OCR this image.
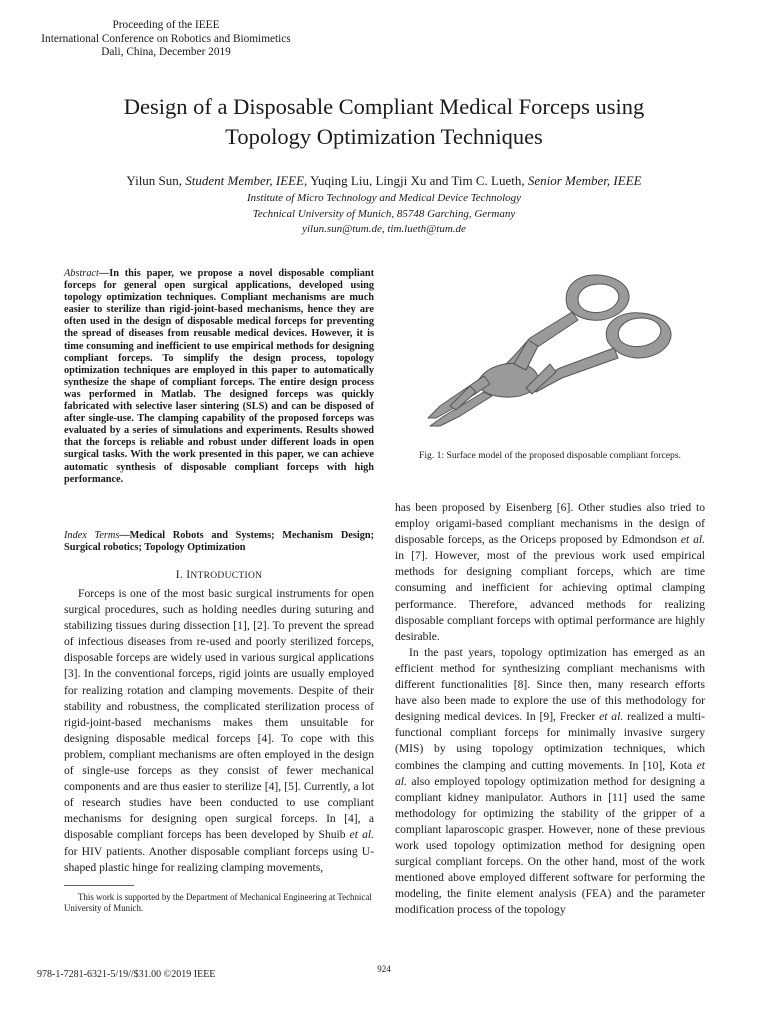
Proceeding of the IEEE
International Conference on Robotics and Biomimetics
Dali, China, December 2019
Design of a Disposable Compliant Medical Forceps using
Topology Optimization Techniques
Yilun Sun, Student Member, IEEE, Yuqing Liu, Lingji Xu and Tim C. Lueth, Senior Member, IEEE
Institute of Micro Technology and Medical Device Technology
Technical University of Munich, 85748 Garching, Germany
yilun.sun@tum.de, tim.lueth@tum.de
Abstract—In this paper, we propose a novel disposable compliant forceps for general open surgical applications, developed using topology optimization techniques. Compliant mechanisms are much easier to sterilize than rigid-joint-based mechanisms, hence they are often used in the design of disposable medical forceps for preventing the spread of diseases from reusable medical devices. However, it is time consuming and inefficient to use empirical methods for designing compliant forceps. To simplify the design process, topology optimization techniques are employed in this paper to automatically synthesize the shape of compliant forceps. The entire design process was performed in Matlab. The designed forceps was quickly fabricated with selective laser sintering (SLS) and can be disposed of after single-use. The clamping capability of the proposed forceps was evaluated by a series of simulations and experiments. Results showed that the forceps is reliable and robust under different loads in open surgical tasks. With the work presented in this paper, we can achieve automatic synthesis of disposable compliant forceps with high performance.
Index Terms—Medical Robots and Systems; Mechanism Design; Surgical robotics; Topology Optimization
I. INTRODUCTION

Forceps is one of the most basic surgical instruments for open surgical procedures, such as holding needles during suturing and stabilizing tissues during dissection [1], [2]. To prevent the spread of infectious diseases from re-used and poorly sterilized forceps, disposable forceps are widely used in various surgical applications [3]. In the conventional forceps, rigid joints are usually employed for realizing rotation and clamping movements. Despite of their stability and robustness, the complicated sterilization process of rigid-joint-based mechanisms makes them unsuitable for designing disposable medical forceps [4]. To cope with this problem, compliant mechanisms are often employed in the design of single-use forceps as they consist of fewer mechanical components and are thus easier to sterilize [4], [5]. Currently, a lot of research studies have been conducted to use compliant mechanisms for designing open surgical forceps. In [4], a disposable compliant forceps has been developed by Shuib et al. for HIV patients. Another disposable compliant forceps using U-shaped plastic hinge for realizing clamping movements,

This work is supported by the Department of Mechanical Engineering at Technical University of Munich.
Fig. 1: Surface model of the proposed disposable compliant forceps.

has been proposed by Eisenberg [6]. Other studies also tried to employ origami-based compliant mechanisms in the design of disposable forceps, as the Oriceps proposed by Edmondson et al. in [7]. However, most of the previous work used empirical methods for designing compliant forceps, which are time consuming and inefficient for achieving optimal clamping performance. Therefore, advanced methods for realizing disposable compliant forceps with optimal performance are highly desirable.

In the past years, topology optimization has emerged as an efficient method for synthesizing compliant mechanisms with different functionalities [8]. Since then, many research efforts have also been made to explore the use of this methodology for designing medical devices. In [9], Frecker et al. realized a multi-functional compliant forceps for minimally invasive surgery (MIS) by using topology optimization techniques, which combines the clamping and cutting movements. In [10], Kota et al. also employed topology optimization method for designing a compliant kidney manipulator. Authors in [11] used the same methodology for optimizing the stability of the gripper of a compliant laparoscopic grasper. However, none of these previous work used topology optimization method for designing open surgical compliant forceps. On the other hand, most of the work mentioned above employed different software for performing the modeling, the finite element analysis (FEA) and the parameter modification process of the topology

924
978-1-7281-6321-5/19//$31.00 ©2019 IEEE
